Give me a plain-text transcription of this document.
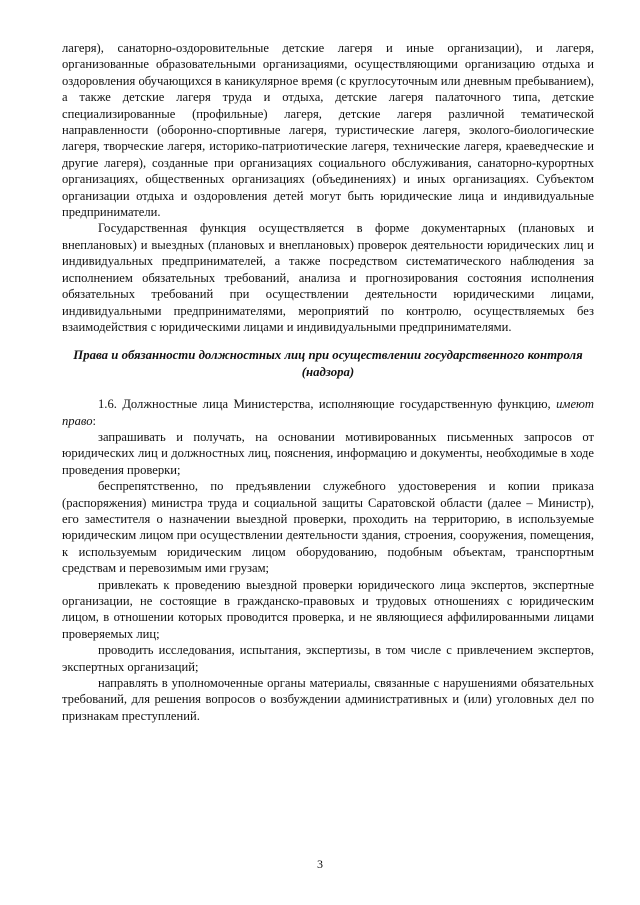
лагеря), санаторно-оздоровительные детские лагеря и иные организации), и лагеря, организованные образовательными организациями, осуществляющими организацию отдыха и оздоровления обучающихся в каникулярное время (с круглосуточным или дневным пребыванием), а также детские лагеря труда и отдыха, детские лагеря палаточного типа, детские специализированные (профильные) лагеря, детские лагеря различной тематической направленности (оборонно-спортивные лагеря, туристические лагеря, эколого-биологические лагеря, творческие лагеря, историко-патриотические лагеря, технические лагеря, краеведческие и другие лагеря), созданные при организациях социального обслуживания, санаторно-курортных организациях, общественных организациях (объединениях) и иных организациях. Субъектом организации отдыха и оздоровления детей могут быть юридические лица и индивидуальные предприниматели.

Государственная функция осуществляется в форме документарных (плановых и внеплановых) и выездных (плановых и внеплановых) проверок деятельности юридических лиц и индивидуальных предпринимателей, а также посредством систематического наблюдения за исполнением обязательных требований, анализа и прогнозирования состояния исполнения обязательных требований при осуществлении деятельности юридическими лицами, индивидуальными предпринимателями, мероприятий по контролю, осуществляемых без взаимодействия с юридическими лицами и индивидуальными предпринимателями.

Права и обязанности должностных лиц при осуществлении государственного контроля (надзора)

1.6. Должностные лица Министерства, исполняющие государственную функцию, имеют право:

запрашивать и получать, на основании мотивированных письменных запросов от юридических лиц и должностных лиц, пояснения, информацию и документы, необходимые в ходе проведения проверки;

беспрепятственно, по предъявлении служебного удостоверения и копии приказа (распоряжения) министра труда и социальной защиты Саратовской области (далее – Министр), его заместителя о назначении выездной проверки, проходить на территорию, в используемые юридическим лицом при осуществлении деятельности здания, строения, сооружения, помещения, к используемым юридическим лицом оборудованию, подобным объектам, транспортным средствам и перевозимым ими грузам;

привлекать к проведению выездной проверки юридического лица экспертов, экспертные организации, не состоящие в гражданско-правовых и трудовых отношениях с юридическим лицом, в отношении которых проводится проверка, и не являющиеся аффилированными лицами проверяемых лиц;

проводить исследования, испытания, экспертизы, в том числе с привлечением экспертов, экспертных организаций;

направлять в уполномоченные органы материалы, связанные с нарушениями обязательных требований, для решения вопросов о возбуждении административных и (или) уголовных дел по признакам преступлений.

3
